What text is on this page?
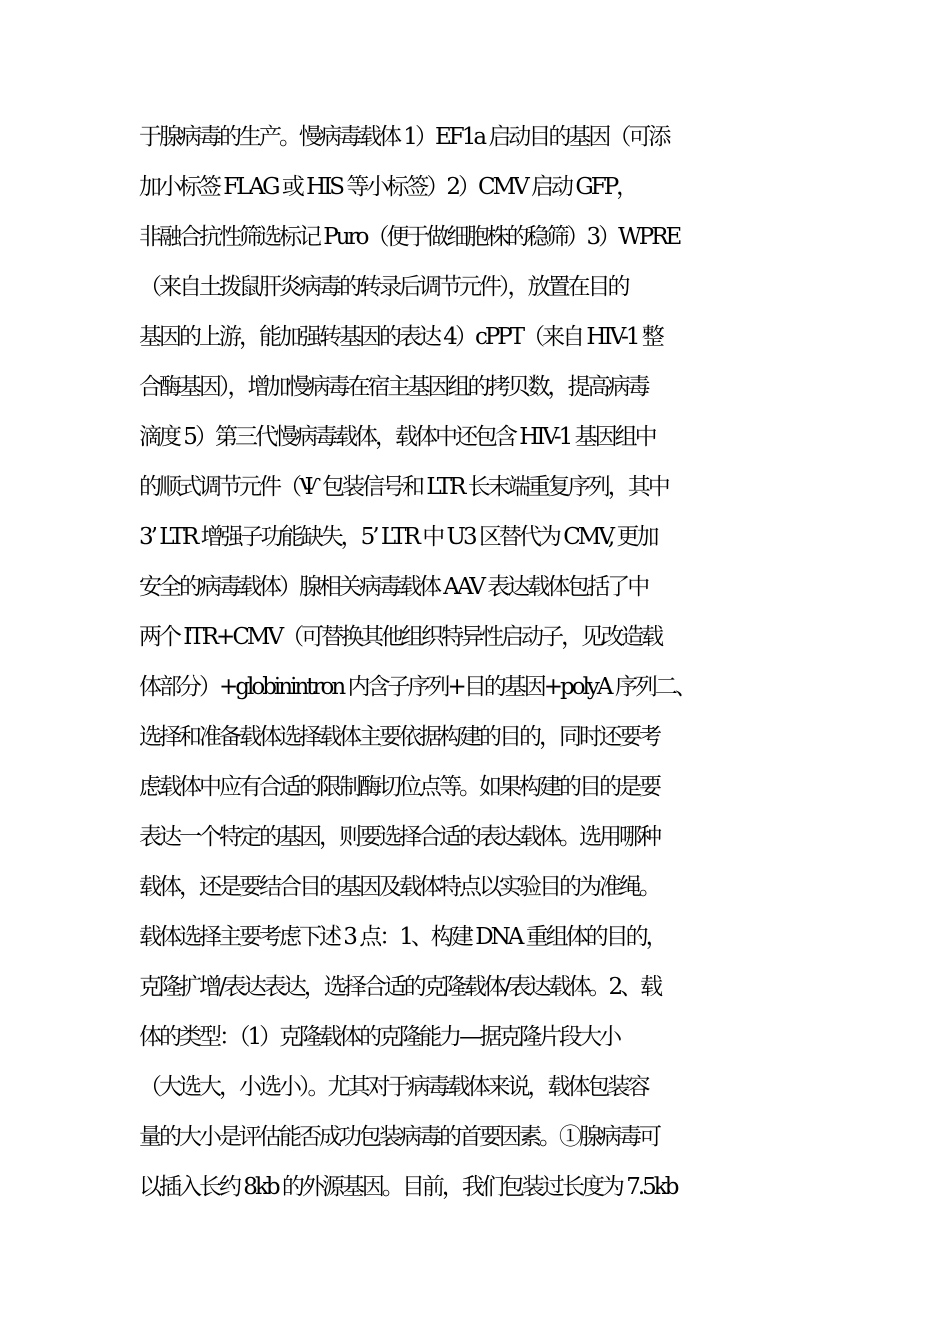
于腺病毒的生产。慢病毒载体 1）EF1a 启动目的基因（可添
加小标签 FLAG 或 HIS 等小标签）2）CMV 启动 GFP，
非融合抗性筛选标记 Puro（便于做细胞株的稳筛）3）WPRE
（来自土拨鼠肝炎病毒的转录后调节元件），放置在目的
基因的上游，能加强转基因的表达 4）cPPT（来自 HIV-1 整
合酶基因），增加慢病毒在宿主基因组的拷贝数，提高病毒
滴度 5）第三代慢病毒载体，载体中还包含 HIV-1 基因组中
的顺式调节元件（Ѱ 包装信号和 LTR 长末端重复序列，其中
3’ LTR 增强子功能缺失，5’ LTR 中 U3 区替代为 CMV, 更加
安全的病毒载体）腺相关病毒载体 AAV 表达载体包括了中
两个 ITR+CMV（可替换其他组织特异性启动子，见改造载
体部分）+globinintron 内含子序列+目的基因+polyA 序列二、
选择和准备载体选择载体主要依据构建的目的，同时还要考
虑载体中应有合适的限制酶切位点等。如果构建的目的是要
表达一个特定的基因，则要选择合适的表达载体。选用哪种
载体，还是要结合目的基因及载体特点以实验目的为准绳。
载体选择主要考虑下述 3 点：1、构建 DNA 重组体的目的，
克隆扩增/表达表达，选择合适的克隆载体/表达载体。2、载
体的类型：（1）克隆载体的克隆能力—据克隆片段大小
（大选大，小选小）。尤其对于病毒载体来说，载体包装容
量的大小是评估能否成功包装病毒的首要因素。①腺病毒可
以插入长约 8kb 的外源基因。目前，我们包装过长度为 7.5kb
